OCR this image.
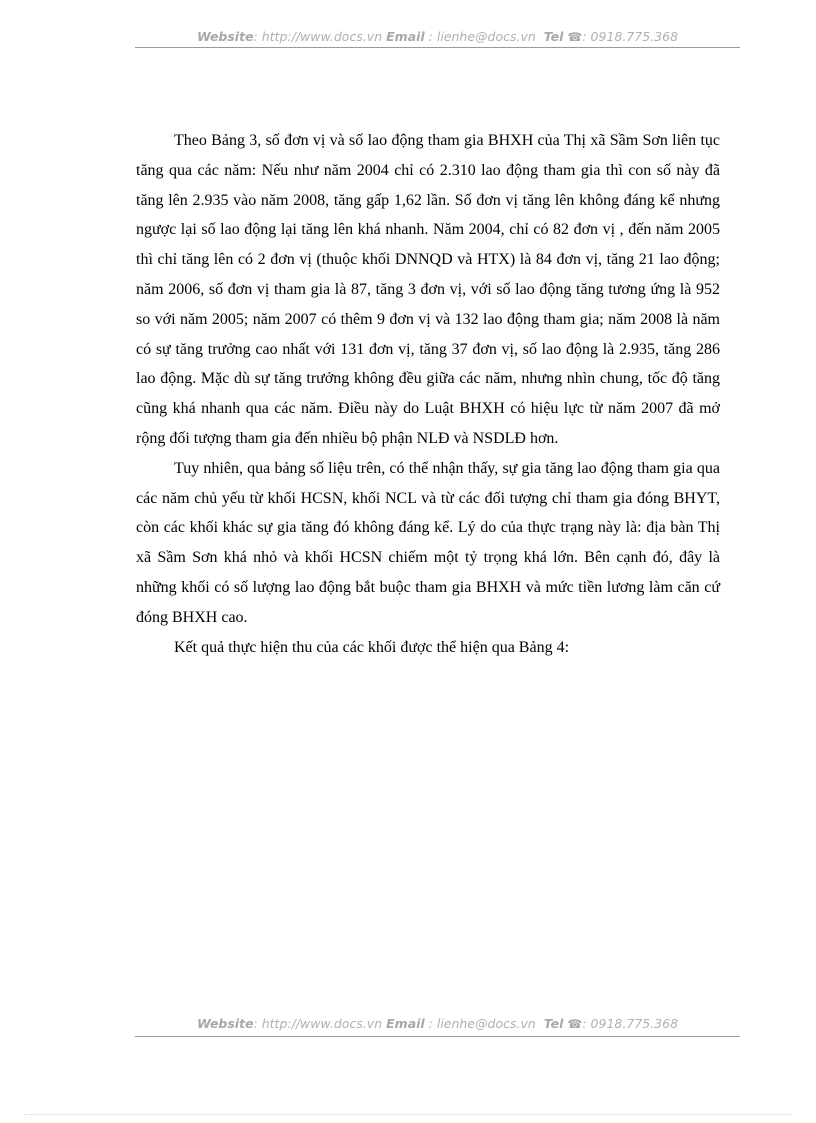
Website: http://www.docs.vn Email : lienhe@docs.vn Tel ☎: 0918.775.368

Theo Bảng 3, số đơn vị và số lao động tham gia BHXH của Thị xã Sầm Sơn liên tục tăng qua các năm: Nếu như năm 2004 chỉ có 2.310 lao động tham gia thì con số này đã tăng lên 2.935 vào năm 2008, tăng gấp 1,62 lần. Số đơn vị tăng lên không đáng kể nhưng ngược lại số lao động lại tăng lên khá nhanh. Năm 2004, chỉ có 82 đơn vị , đến năm 2005 thì chỉ tăng lên có 2 đơn vị (thuộc khối DNNQD và HTX) là 84 đơn vị, tăng 21 lao động; năm 2006, số đơn vị tham gia là 87, tăng 3 đơn vị, với số lao động tăng tương ứng là 952 so với năm 2005; năm 2007 có thêm 9 đơn vị và 132 lao động tham gia; năm 2008 là năm có sự tăng trưởng cao nhất với 131 đơn vị, tăng 37 đơn vị, số lao động là 2.935, tăng 286 lao động. Mặc dù sự tăng trưởng không đều giữa các năm, nhưng nhìn chung, tốc độ tăng cũng khá nhanh qua các năm. Điều này do Luật BHXH có hiệu lực từ năm 2007 đã mở rộng đối tượng tham gia đến nhiều bộ phận NLĐ và NSDLĐ hơn.

Tuy nhiên, qua bảng số liệu trên, có thể nhận thấy, sự gia tăng lao động tham gia qua các năm chủ yếu từ khối HCSN, khối NCL và từ các đối tượng chỉ tham gia đóng BHYT, còn các khối khác sự gia tăng đó không đáng kể. Lý do của thực trạng này là: địa bàn Thị xã Sầm Sơn khá nhỏ và khối HCSN chiếm một tỷ trọng khá lớn. Bên cạnh đó, đây là những khối có số lượng lao động bắt buộc tham gia BHXH và mức tiền lương làm căn cứ đóng BHXH cao.

Kết quả thực hiện thu của các khối được thể hiện qua Bảng 4:

Website: http://www.docs.vn Email : lienhe@docs.vn Tel ☎: 0918.775.368
